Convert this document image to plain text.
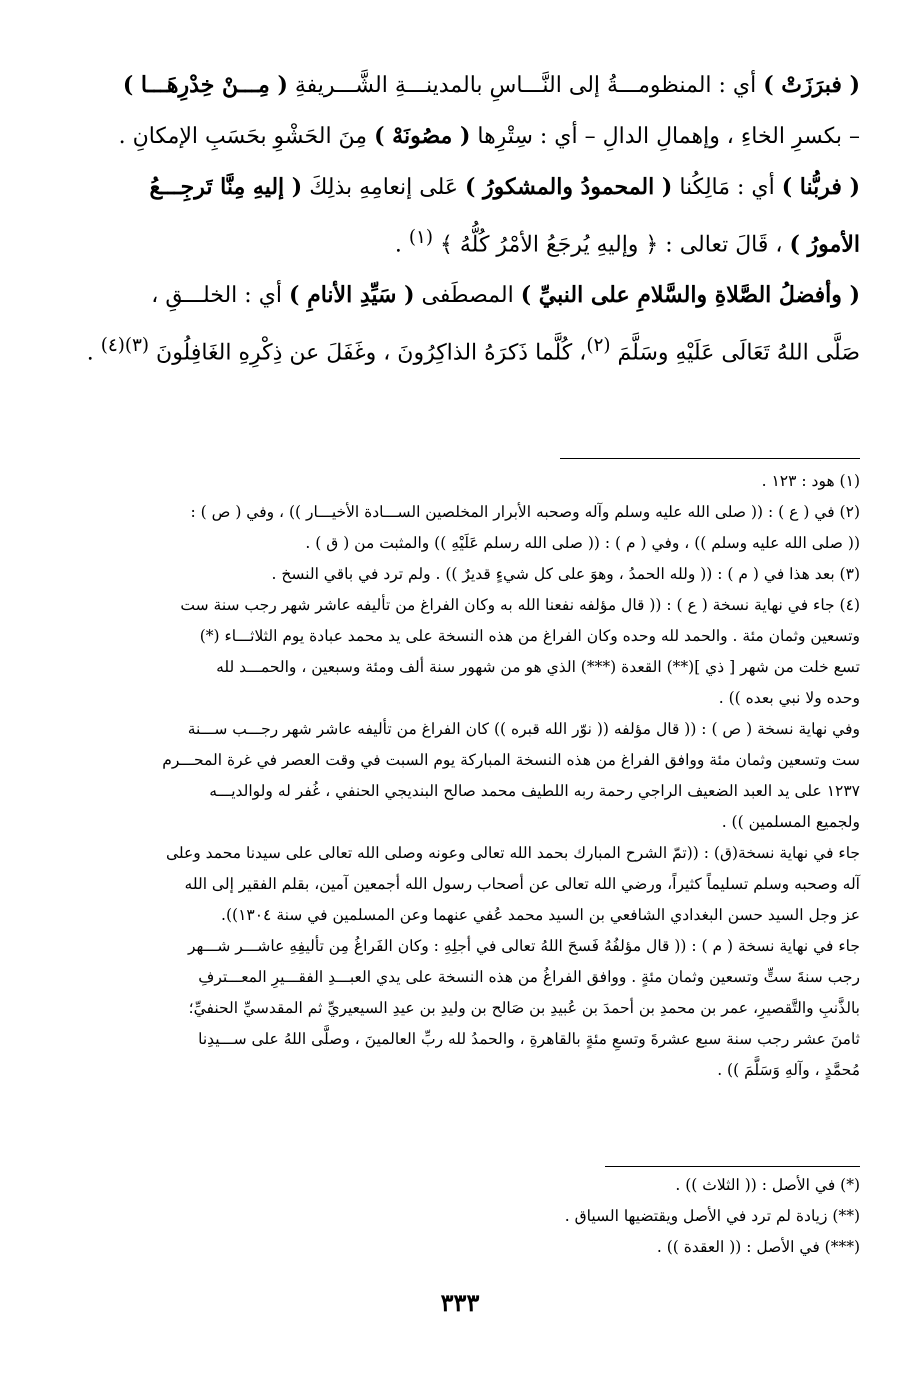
( فبرَزَتْ ) أي : المنظومـــةُ إلى النَّـــاسِ بالمدينـــةِ الشَّـــريفةِ ( مِـــنْ خِدْرِهَـــا )

– بكسرِ الخاءِ ، وإهمالِ الدالِ – أي : سِتْرِها ( مصُونَهْ ) مِنَ الحَشْوِ بحَسَبِ الإمكانِ .

( فربُّنا ) أي : مَالِكُنا ( المحمودُ والمشكورُ ) عَلى إنعامِهِ بذلِكَ ( إليهِ مِنَّا تَرجِـــعُ

الأمورُ ) ، قَالَ تعالى : ﴿ وإليهِ يُرجَعُ الأمْرُ كُلُّهُ ﴾ $^{(١)}$ .

( وأفضلُ الصَّلاةِ والسَّلامِ على النبيِّ ) المصطَفى ( سَيِّدِ الأنامِ ) أي : الخلـــقِ ،

صَلَّى اللهُ تَعَالَى عَلَيْهِ وسَلَّمَ $^{(٢)}$، كُلَّما ذَكرَهُ الذاكِرُونَ ، وغَفَلَ عن ذِكْرِهِ الغَافِلُونَ $^{(٣)(٤)}$ .

(١) هود : ١٢٣ .

(٢) في ( ع ) : (( صلى الله عليه وسلم وآله وصحبه الأبرار المخلصين الســـادة الأخيـــار )) ، وفي ( ص ) :

(( صلى الله عليه وسلم )) ، وفي ( م ) : (( صلى الله رسلم عَلَيْهِ )) والمثبت من ( ق ) .

(٣) بعد هذا في ( م ) : (( ولله الحمدُ ، وهوَ على كل شيءٍ قديرٌ )) . ولم ترد في باقي النسخ .

(٤) جاء في نهاية نسخة ( ع ) : (( قال مؤلفه نفعنا الله به وكان الفراغ من تأليفه عاشر شهر رجب سنة ست

وتسعين وثمان مئة . والحمد لله وحده وكان الفراغ من هذه النسخة على يد محمد عبادة يوم الثلاثـــاء (*)

تسع خلت من شهر [ ذي ](**) القعدة (***) الذي هو من شهور سنة ألف ومئة وسبعين ، والحمـــد لله

وحده ولا نبي بعده )) .

وفي نهاية نسخة ( ص ) : (( قال مؤلفه (( نوّر الله قبره )) كان الفراغ من تأليفه عاشر شهر رجـــب ســـنة

ست وتسعين وثمان مئة ووافق الفراغ من هذه النسخة المباركة يوم السبت في وقت العصر في غرة المحـــرم

١٢٣٧ على يد العبد الضعيف الراجي رحمة ربه اللطيف محمد صالح البنديجي الحنفي ، غُفر له ولوالديـــه

ولجميع المسلمين )) .

جاء في نهاية نسخة(ق) : ((تمّ الشرح المبارك بحمد الله تعالى وعونه وصلى الله تعالى على سيدنا محمد وعلى

آله وصحبه وسلم تسليماً كثيراً، ورضي الله تعالى عن أصحاب رسول الله أجمعين آمين، بقلم الفقير إلى الله

عز وجل السيد حسن البغدادي الشافعي بن السيد محمد عُفي عنهما وعن المسلمين في سنة ١٣٠٤)).

جاء في نهاية نسخة ( م ) : (( قال مؤلفُهُ فَسحَ اللهُ تعالى في أجلِهِ : وكان الفَراغُ مِن تأليفِهِ عاشـــر شـــهر

رجب سنةَ ستٍّ وتسعين وثمان مئةٍ . ووافق الفراغُ من هذه النسخة على يدي العبـــدِ الفقـــيرِ المعـــترفِ

بالذَّنبِ والتَّقصيرِ، عمر بن محمدِ بن أحمدَ بن عُبيدِ بن صَالح بن وليدِ بن عيدِ السيعيريِّ ثم المقدسيِّ الحنفيِّ؛

ثامنَ عشر رجب سنة سبع عشرةَ وتسعِ مئةٍ بالقاهرةِ ، والحمدُ لله ربِّ العالمينَ ، وصلَّى اللهُ على ســـيدِنا

مُحمَّدٍ ، وآلهِ وَسَلَّمَ )) .

(*) في الأصل : (( الثلاث )) .

(**) زيادة لم ترد في الأصل ويقتضيها السياق .

(***) في الأصل : (( العقدة )) .

٣٣٣
